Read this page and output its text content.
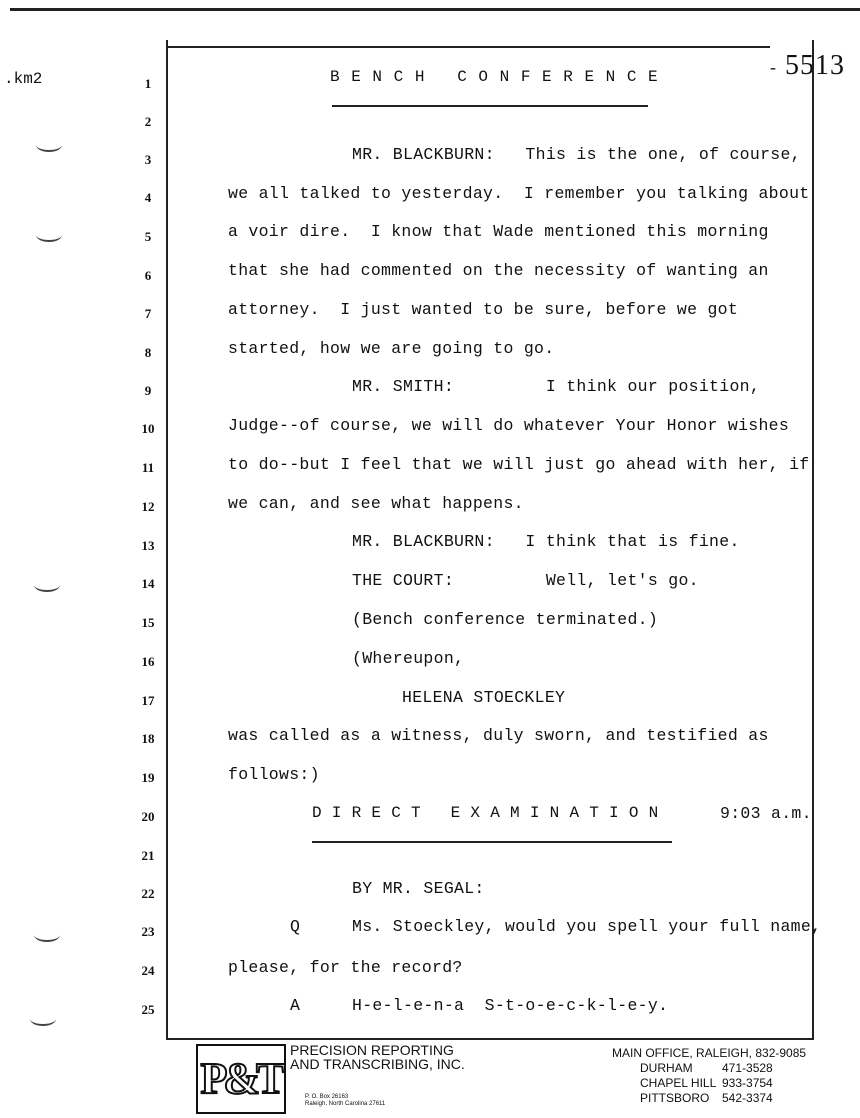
.km2
- 5513
1
2
3
4
5
6
7
8
9
10
11
12
13
14
15
16
17
18
19
20
21
22
23
24
25
B E N C H   C O N F E R E N C E
MR. BLACKBURN:   This is the one, of course,
we all talked to yesterday.  I remember you talking about
a voir dire.  I know that Wade mentioned this morning
that she had commented on the necessity of wanting an
attorney.  I just wanted to be sure, before we got
started, how we are going to go.
MR. SMITH:         I think our position,
Judge--of course, we will do whatever Your Honor wishes
to do--but I feel that we will just go ahead with her, if
we can, and see what happens.
MR. BLACKBURN:   I think that is fine.
THE COURT:         Well, let's go.
(Bench conference terminated.)
(Whereupon,
HELENA STOECKLEY
was called as a witness, duly sworn, and testified as
follows:)
D I R E C T   E X A M I N A T I O N	9:03 a.m.
BY MR. SEGAL:
Q	Ms. Stoeckley, would you spell your full name,
please, for the record?
A	H-e-l-e-n-a  S-t-o-e-c-k-l-e-y.
P&T
PRECISION REPORTING
AND TRANSCRIBING, INC.
P. O. Box 26163
Raleigh, North Carolina 27611
MAIN OFFICE, RALEIGH, 832-9085
DURHAM	471-3528
CHAPEL HILL 933-3754
PITTSBORO	542-3374
